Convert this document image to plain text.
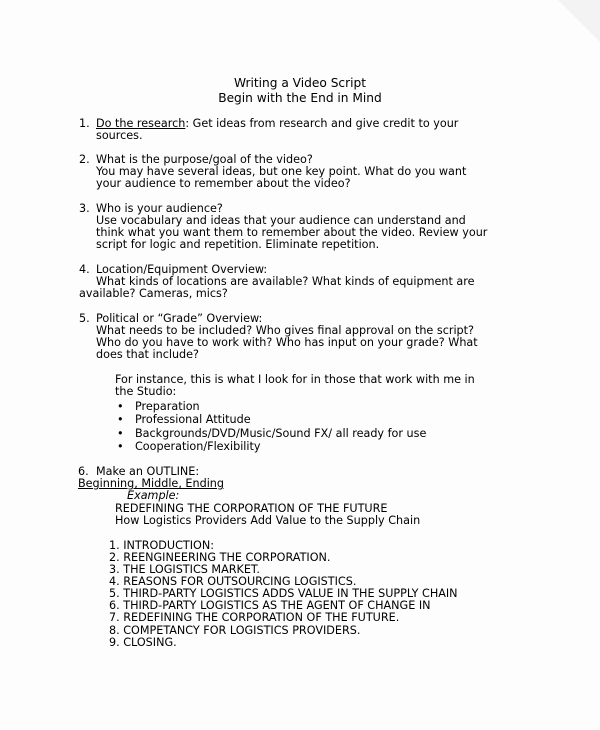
Writing a Video Script
Begin with the End in Mind
1. Do the research: Get ideas from research and give credit to your
sources.
2. What is the purpose/goal of the video?
You may have several ideas, but one key point. What do you want
your audience to remember about the video?
3. Who is your audience?
Use vocabulary and ideas that your audience can understand and
think what you want them to remember about the video. Review your
script for logic and repetition. Eliminate repetition.
4. Location/Equipment Overview:
What kinds of locations are available? What kinds of equipment are
available? Cameras, mics?
5. Political or “Grade” Overview:
What needs to be included? Who gives final approval on the script?
Who do you have to work with? Who has input on your grade? What
does that include?
For instance, this is what I look for in those that work with me in
the Studio:
• Preparation
• Professional Attitude
• Backgrounds/DVD/Music/Sound FX/ all ready for use
• Cooperation/Flexibility
6. Make an OUTLINE:
Beginning, Middle, Ending
Example:
REDEFINING THE CORPORATION OF THE FUTURE
How Logistics Providers Add Value to the Supply Chain
1. INTRODUCTION:
2. REENGINEERING THE CORPORATION.
3. THE LOGISTICS MARKET.
4. REASONS FOR OUTSOURCING LOGISTICS.
5. THIRD-PARTY LOGISTICS ADDS VALUE IN THE SUPPLY CHAIN
6. THIRD-PARTY LOGISTICS AS THE AGENT OF CHANGE IN
7. REDEFINING THE CORPORATION OF THE FUTURE.
8. COMPETANCY FOR LOGISTICS PROVIDERS.
9. CLOSING.
